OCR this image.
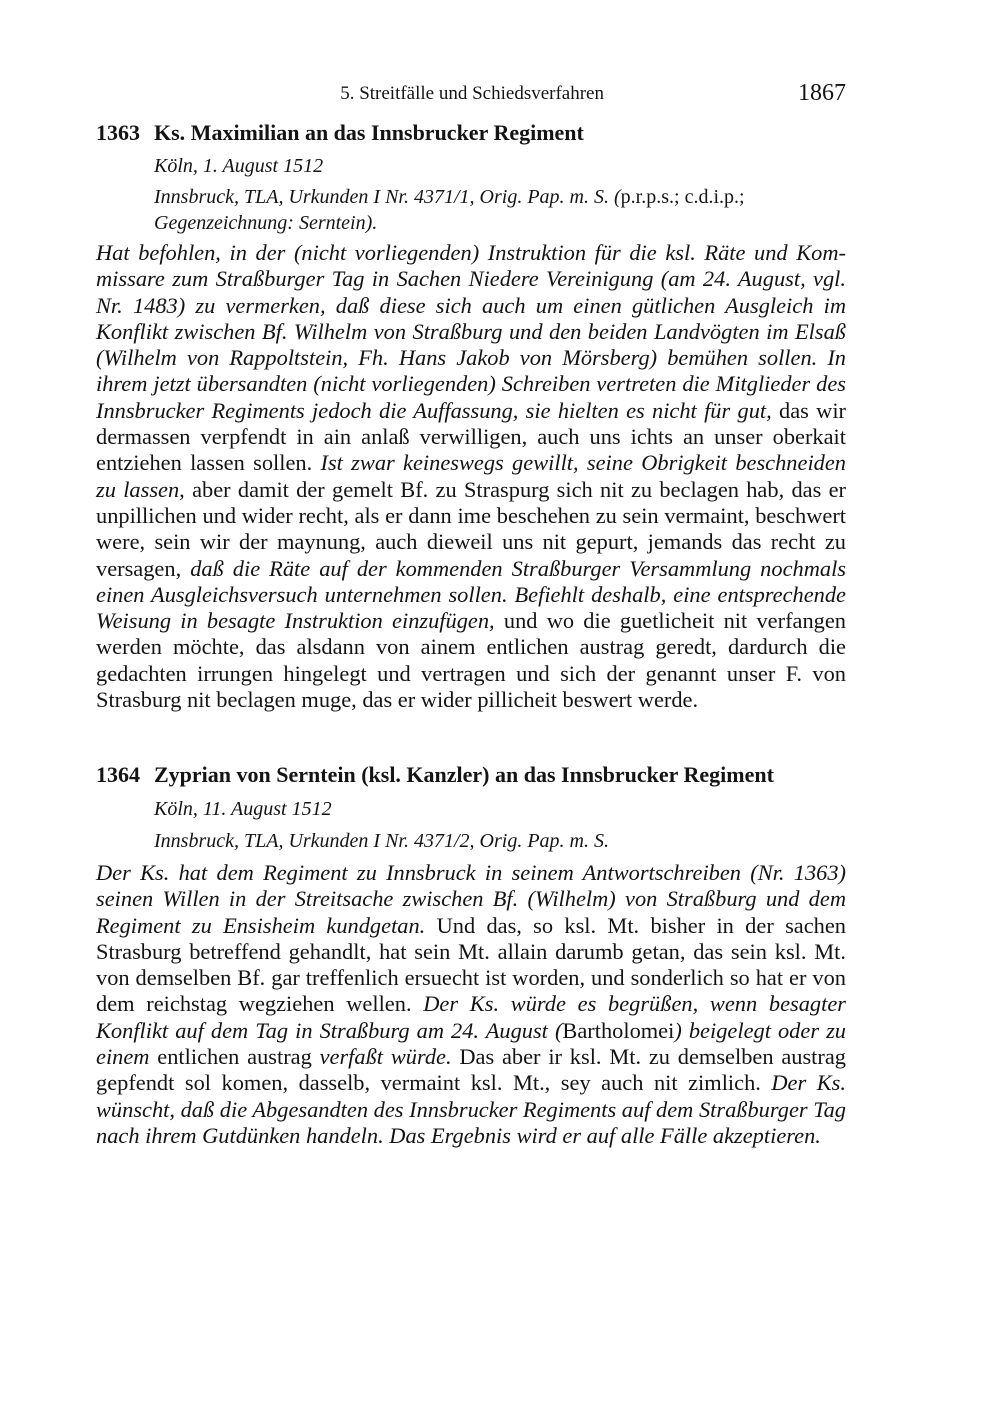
5. Streitfälle und Schiedsverfahren	1867
1363 Ks. Maximilian an das Innsbrucker Regiment
Köln, 1. August 1512
Innsbruck, TLA, Urkunden I Nr. 4371/1, Orig. Pap. m. S. (p.r.p.s.; c.d.i.p.; Gegenzeichnung: Serntein).
Hat befohlen, in der (nicht vorliegenden) Instruktion für die ksl. Räte und Kommissare zum Straßburger Tag in Sachen Niedere Vereinigung (am 24. August, vgl. Nr. 1483) zu vermerken, daß diese sich auch um einen gütlichen Ausgleich im Konflikt zwischen Bf. Wilhelm von Straßburg und den beiden Landvögten im Elsaß (Wilhelm von Rappoltstein, Fh. Hans Jakob von Mörsberg) bemühen sollen. In ihrem jetzt übersandten (nicht vorliegenden) Schreiben vertreten die Mitglieder des Innsbrucker Regiments jedoch die Auffassung, sie hielten es nicht für gut, das wir dermassen verpfendt in ain anlaß verwilligen, auch uns ichts an unser oberkait entziehen lassen sollen. Ist zwar keineswegs gewillt, seine Obrigkeit beschneiden zu lassen, aber damit der gemelt Bf. zu Straspurg sich nit zu beclagen hab, das er unpillichen und wider recht, als er dann ime beschehen zu sein vermaint, beschwert were, sein wir der maynung, auch dieweil uns nit gepurt, jemands das recht zu versagen, daß die Räte auf der kommenden Straßburger Versammlung nochmals einen Ausgleichsversuch unternehmen sollen. Befiehlt deshalb, eine entsprechende Weisung in besagte Instruktion einzufügen, und wo die guetlicheit nit verfangen werden möchte, das alsdann von ainem entlichen austrag geredt, dardurch die gedachten irrungen hingelegt und vertragen und sich der genannt unser F. von Strasburg nit beclagen muge, das er wider pillicheit beswert werde.
1364 Zyprian von Serntein (ksl. Kanzler) an das Innsbrucker Regiment
Köln, 11. August 1512
Innsbruck, TLA, Urkunden I Nr. 4371/2, Orig. Pap. m. S.
Der Ks. hat dem Regiment zu Innsbruck in seinem Antwortschreiben (Nr. 1363) seinen Willen in der Streitsache zwischen Bf. (Wilhelm) von Straßburg und dem Regiment zu Ensisheim kundgetan. Und das, so ksl. Mt. bisher in der sachen Strasburg betreffend gehandlt, hat sein Mt. allain darumb getan, das sein ksl. Mt. von demselben Bf. gar treffenlich ersuecht ist worden, und sonderlich so hat er von dem reichstag wegziehen wellen. Der Ks. würde es begrüßen, wenn besagter Konflikt auf dem Tag in Straßburg am 24. August (Bartholomei) beigelegt oder zu einem entlichen austrag verfaßt würde. Das aber ir ksl. Mt. zu demselben austrag gepfendt sol komen, dasselb, vermaint ksl. Mt., sey auch nit zimlich. Der Ks. wünscht, daß die Abgesandten des Innsbrucker Regiments auf dem Straßburger Tag nach ihrem Gutdünken handeln. Das Ergebnis wird er auf alle Fälle akzeptieren.
